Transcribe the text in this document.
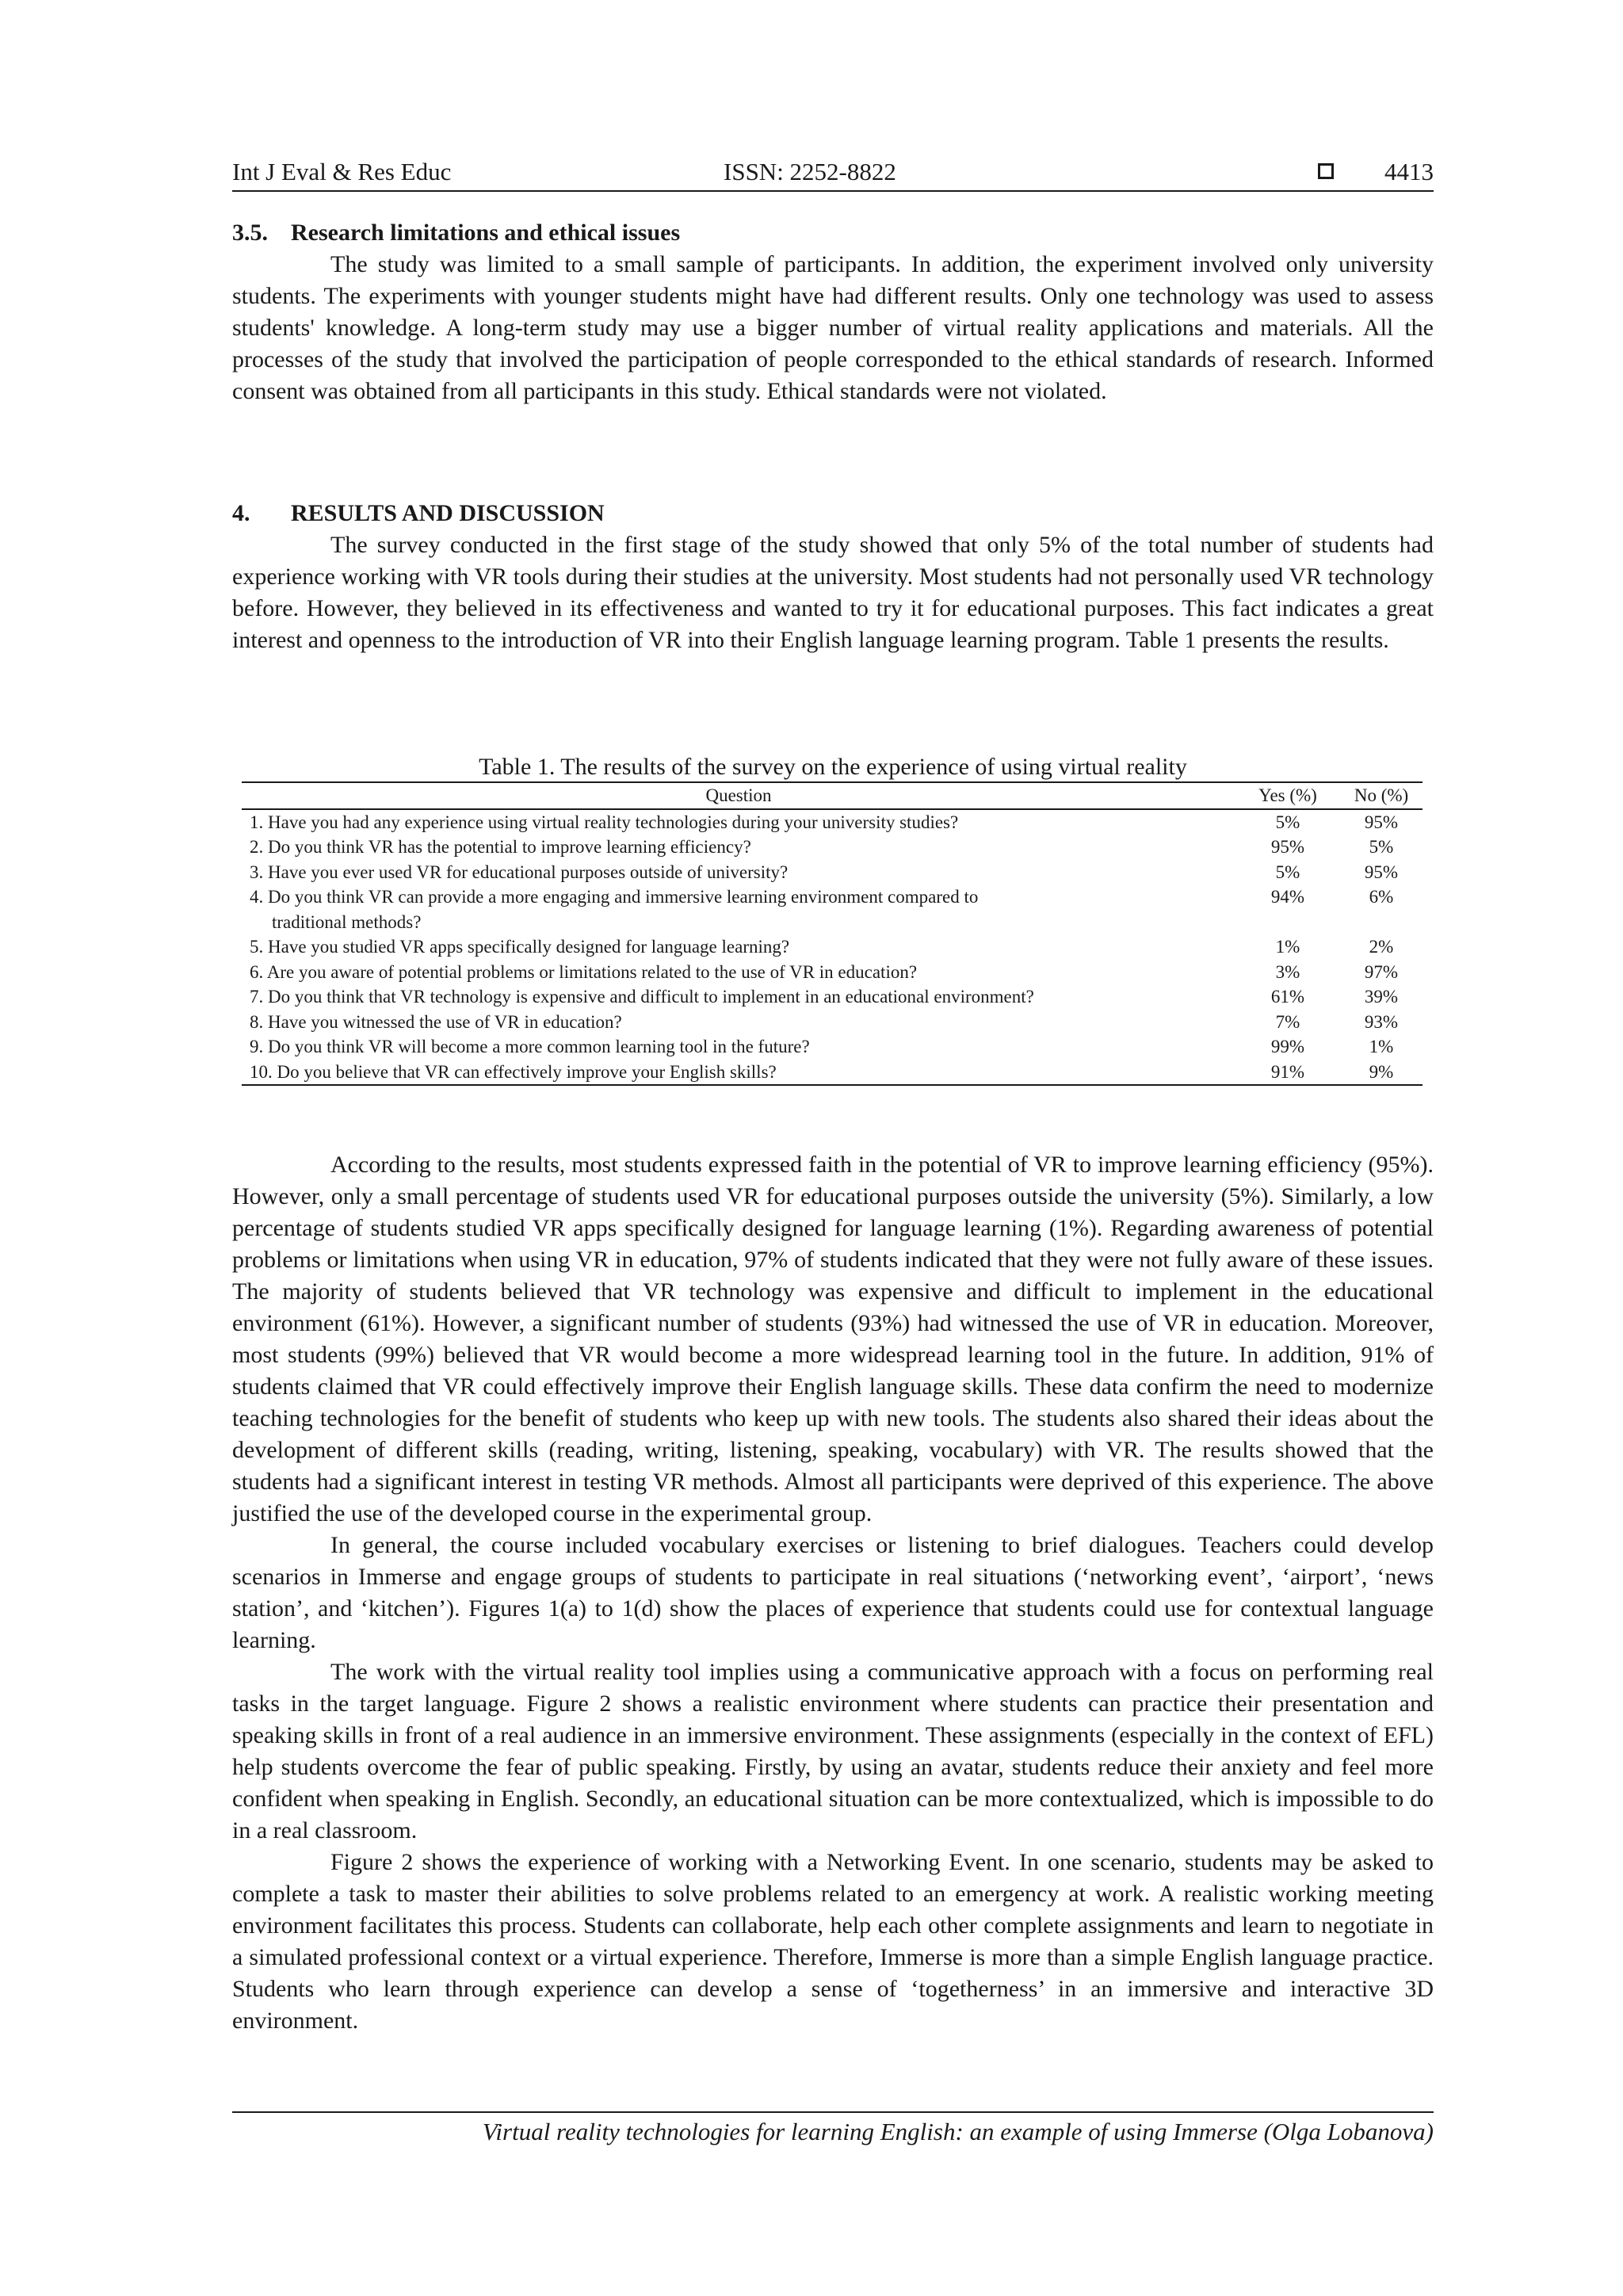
Int J Eval & Res Educ	ISSN: 2252-8822	4413
3.5. Research limitations and ethical issues

The study was limited to a small sample of participants. In addition, the experiment involved only university students. The experiments with younger students might have had different results. Only one technology was used to assess students' knowledge. A long-term study may use a bigger number of virtual reality applications and materials. All the processes of the study that involved the participation of people corresponded to the ethical standards of research. Informed consent was obtained from all participants in this study. Ethical standards were not violated.

4. RESULTS AND DISCUSSION

The survey conducted in the first stage of the study showed that only 5% of the total number of students had experience working with VR tools during their studies at the university. Most students had not personally used VR technology before. However, they believed in its effectiveness and wanted to try it for educational purposes. This fact indicates a great interest and openness to the introduction of VR into their English language learning program. Table 1 presents the results.

Table 1. The results of the survey on the experience of using virtual reality
Question	Yes (%)	No (%)

1. Have you had any experience using virtual reality technologies during your university studies?	5%	95%

2. Do you think VR has the potential to improve learning efficiency?	95%	5%

3. Have you ever used VR for educational purposes outside of university?	5%	95%

4. Do you think VR can provide a more engaging and immersive learning environment compared to
traditional methods?	94%	6%

5. Have you studied VR apps specifically designed for language learning?	1%	2%

6. Are you aware of potential problems or limitations related to the use of VR in education?	3%	97%

7. Do you think that VR technology is expensive and difficult to implement in an educational environment?	61%	39%

8. Have you witnessed the use of VR in education?	7%	93%

9. Do you think VR will become a more common learning tool in the future?	99%	1%

10. Do you believe that VR can effectively improve your English skills?	91%	9%

According to the results, most students expressed faith in the potential of VR to improve learning efficiency (95%). However, only a small percentage of students used VR for educational purposes outside the university (5%). Similarly, a low percentage of students studied VR apps specifically designed for language learning (1%). Regarding awareness of potential problems or limitations when using VR in education, 97% of students indicated that they were not fully aware of these issues. The majority of students believed that VR technology was expensive and difficult to implement in the educational environment (61%). However, a significant number of students (93%) had witnessed the use of VR in education. Moreover, most students (99%) believed that VR would become a more widespread learning tool in the future. In addition, 91% of students claimed that VR could effectively improve their English language skills. These data confirm the need to modernize teaching technologies for the benefit of students who keep up with new tools. The students also shared their ideas about the development of different skills (reading, writing, listening, speaking, vocabulary) with VR. The results showed that the students had a significant interest in testing VR methods. Almost all participants were deprived of this experience. The above justified the use of the developed course in the experimental group.

In general, the course included vocabulary exercises or listening to brief dialogues. Teachers could develop scenarios in Immerse and engage groups of students to participate in real situations (‘networking event’, ‘airport’, ‘news station’, and ‘kitchen’). Figures 1(a) to 1(d) show the places of experience that students could use for contextual language learning.

The work with the virtual reality tool implies using a communicative approach with a focus on performing real tasks in the target language. Figure 2 shows a realistic environment where students can practice their presentation and speaking skills in front of a real audience in an immersive environment. These assignments (especially in the context of EFL) help students overcome the fear of public speaking. Firstly, by using an avatar, students reduce their anxiety and feel more confident when speaking in English. Secondly, an educational situation can be more contextualized, which is impossible to do in a real classroom.

Figure 2 shows the experience of working with a Networking Event. In one scenario, students may be asked to complete a task to master their abilities to solve problems related to an emergency at work. A realistic working meeting environment facilitates this process. Students can collaborate, help each other complete assignments and learn to negotiate in a simulated professional context or a virtual experience. Therefore, Immerse is more than a simple English language practice. Students who learn through experience can develop a sense of ‘togetherness’ in an immersive and interactive 3D environment.

Virtual reality technologies for learning English: an example of using Immerse (Olga Lobanova)
